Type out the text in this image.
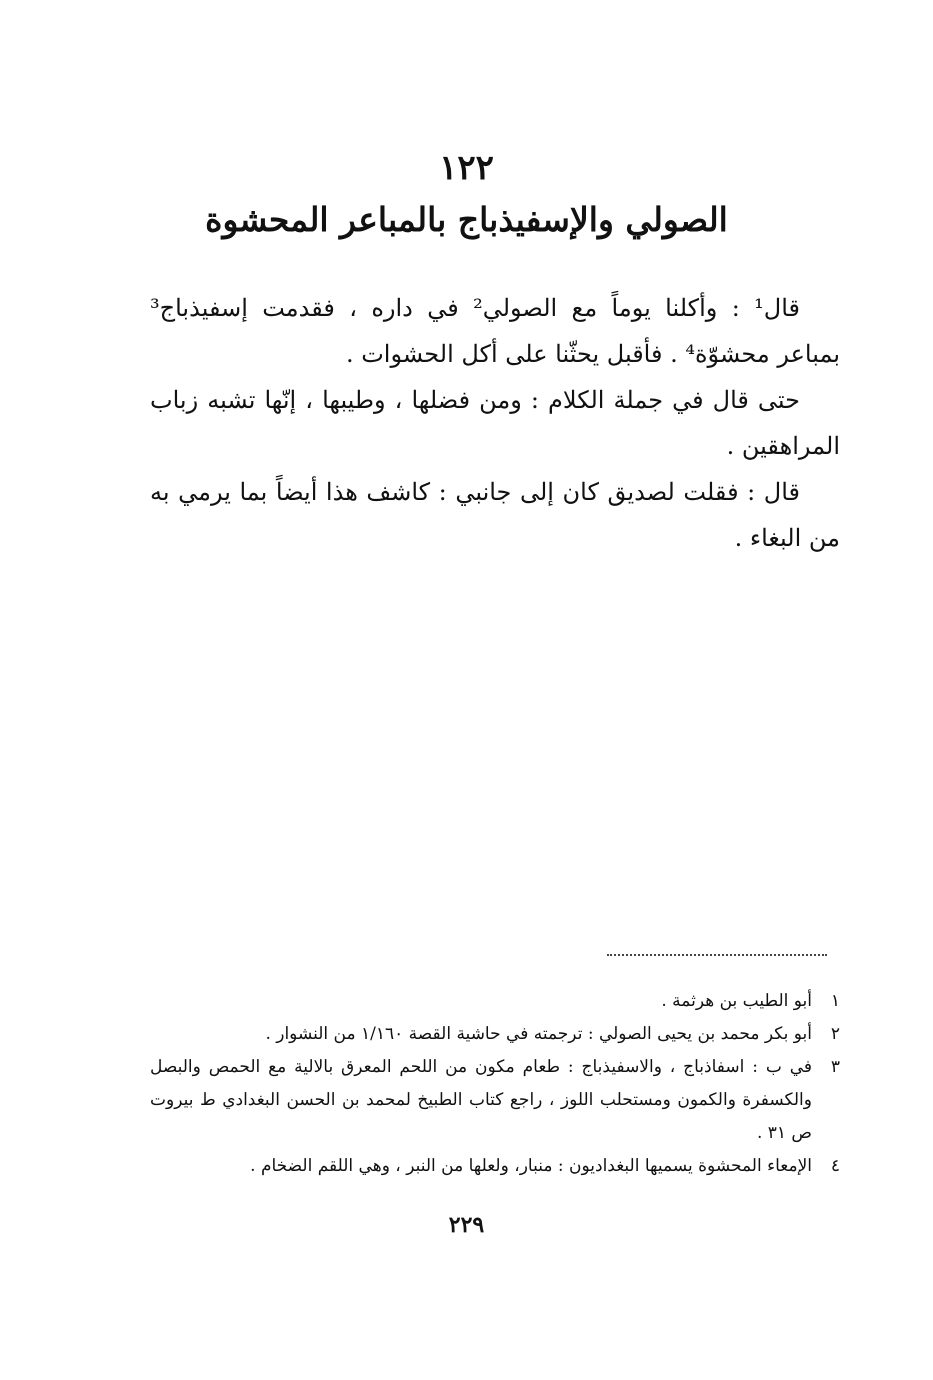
١٢٢
الصولي والإسفيذباج بالمباعر المحشوة

قال¹ : وأكلنا يوماً مع الصولي² في داره ، فقدمت إسفيذباج³ بمباعر محشوّة⁴ . فأقبل يحثّنا على أكل الحشوات .

حتى قال في جملة الكلام : ومن فضلها ، وطيبها ، إنّها تشبه زباب المراهقين .

قال : فقلت لصديق كان إلى جانبي : كاشف هذا أيضاً بما يرمي به من البغاء .

١
أبو الطيب بن هرثمة .
٢
أبو بكر محمد بن يحيى الصولي : ترجمته في حاشية القصة ١/١٦٠ من النشوار .
٣
في ب : اسفاذباج ، والاسفيذباج : طعام مكون من اللحم المعرق بالالية مع الحمص والبصل والكسفرة والكمون ومستحلب اللوز ، راجع كتاب الطبيخ لمحمد بن الحسن البغدادي ط بيروت ص ٣١ .
٤
الإمعاء المحشوة يسميها البغداديون : منبار، ولعلها من النبر ، وهي اللقم الضخام .
٢٢٩
